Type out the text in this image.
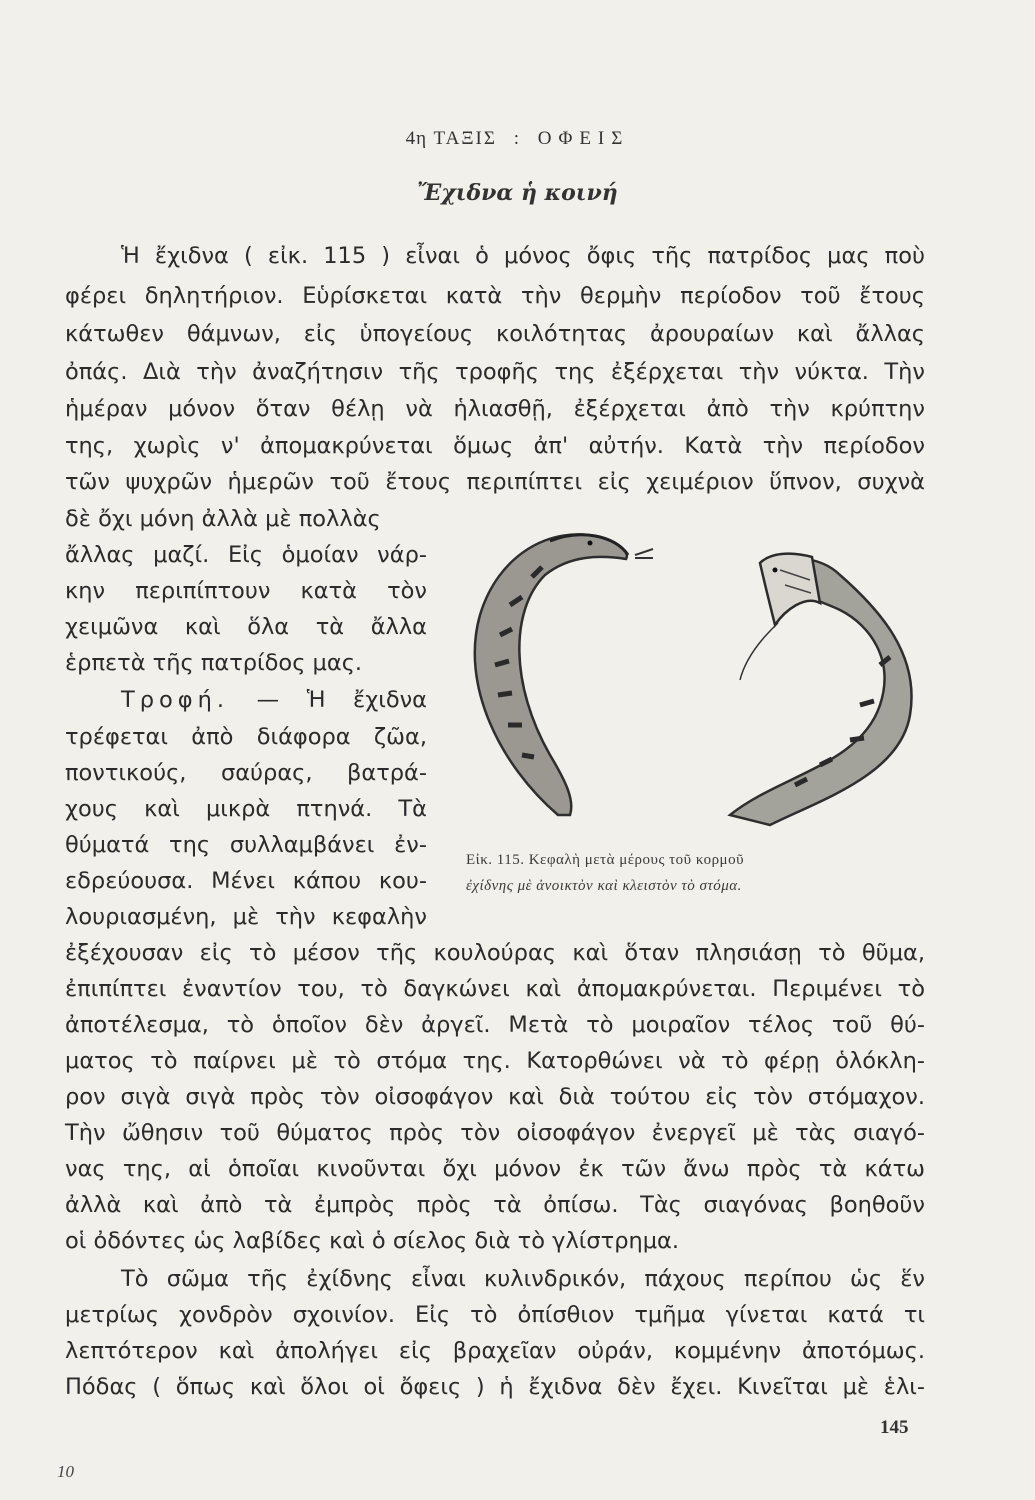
4η ΤΑΞΙΣ : ΟΦΕΙΣ
Ἔχιδνα ἡ κοινή
Ἡ ἔχιδνα ( εἰκ. 115 ) εἶναι ὁ μόνος ὄφις τῆς πατρίδος μας ποὺ
φέρει δηλητήριον. Εὑρίσκεται κατὰ τὴν θερμὴν περίοδον τοῦ ἔτους
κάτωθεν θάμνων, εἰς ὑπογείους κοιλότητας ἀρουραίων καὶ ἄλλας
ὀπάς. Διὰ τὴν ἀναζήτησιν τῆς τροφῆς της ἐξέρχεται τὴν νύκτα. Τὴν
ἡμέραν μόνον ὅταν θέλῃ νὰ ἡλιασθῇ, ἐξέρχεται ἀπὸ τὴν κρύπτην
της, χωρὶς ν' ἀπομακρύνεται ὅμως ἀπ' αὐτήν. Κατὰ τὴν περίοδον
τῶν ψυχρῶν ἡμερῶν τοῦ ἔτους περιπίπτει εἰς χειμέριον ὕπνον, συχνὰ
δὲ ὄχι μόνη ἀλλὰ μὲ πολλὰς
ἄλλας μαζί. Εἰς ὁμοίαν νάρ-
κην περιπίπτουν κατὰ τὸν
χειμῶνα καὶ ὅλα τὰ ἄλλα
ἑρπετὰ τῆς πατρίδος μας.
Τροφή. — Ἡ ἔχιδνα
τρέφεται ἀπὸ διάφορα ζῶα,
ποντικούς, σαύρας, βατρά-
χους καὶ μικρὰ πτηνά. Τὰ
θύματά της συλλαμβάνει ἐν-
εδρεύουσα. Μένει κάπου κου-
λουριασμένη, μὲ τὴν κεφαλὴν
Εἰκ. 115. Κεφαλὴ μετὰ μέρους τοῦ κορμοῦ
ἐχίδνης μὲ ἀνοικτὸν καὶ κλειστὸν τὸ στόμα.
ἐξέχουσαν εἰς τὸ μέσον τῆς κουλούρας καὶ ὅταν πλησιάσῃ τὸ θῦμα,
ἐπιπίπτει ἐναντίον του, τὸ δαγκώνει καὶ ἀπομακρύνεται. Περιμένει τὸ
ἀποτέλεσμα, τὸ ὁποῖον δὲν ἀργεῖ. Μετὰ τὸ μοιραῖον τέλος τοῦ θύ-
ματος τὸ παίρνει μὲ τὸ στόμα της. Κατορθώνει νὰ τὸ φέρῃ ὁλόκλη-
ρον σιγὰ σιγὰ πρὸς τὸν οἰσοφάγον καὶ διὰ τούτου εἰς τὸν στόμαχον.
Τὴν ὤθησιν τοῦ θύματος πρὸς τὸν οἰσοφάγον ἐνεργεῖ μὲ τὰς σιαγό-
νας της, αἱ ὁποῖαι κινοῦνται ὄχι μόνον ἐκ τῶν ἄνω πρὸς τὰ κάτω
ἀλλὰ καὶ ἀπὸ τὰ ἐμπρὸς πρὸς τὰ ὀπίσω. Τὰς σιαγόνας βοηθοῦν
οἱ ὀδόντες ὡς λαβίδες καὶ ὁ σίελος διὰ τὸ γλίστρημα.
Τὸ σῶμα τῆς ἐχίδνης εἶναι κυλινδρικόν, πάχους περίπου ὡς ἕν
μετρίως χονδρὸν σχοινίον. Εἰς τὸ ὀπίσθιον τμῆμα γίνεται κατά τι
λεπτότερον καὶ ἀπολήγει εἰς βραχεῖαν οὐράν, κομμένην ἀποτόμως.
Πόδας ( ὅπως καὶ ὅλοι οἱ ὄφεις ) ἡ ἔχιδνα δὲν ἔχει. Κινεῖται μὲ ἑλι-
145
10
